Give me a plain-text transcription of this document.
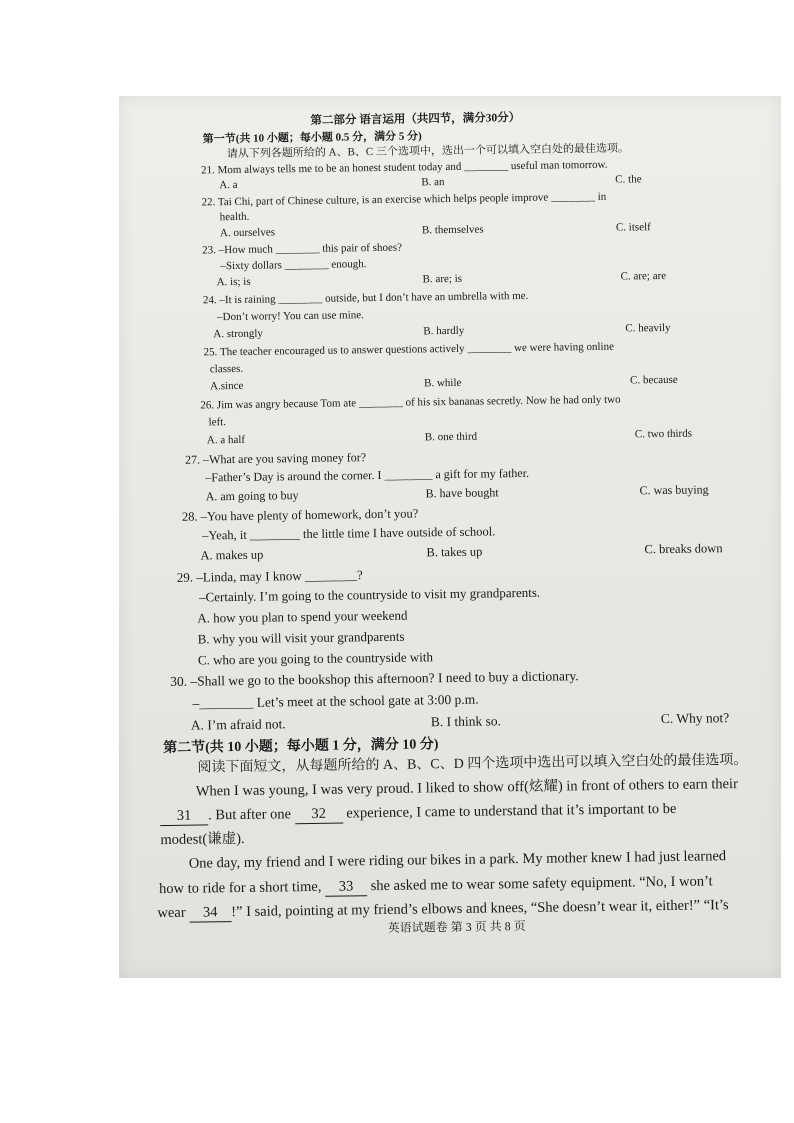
第二部分 语言运用（共四节，满分30分）
第一节(共 10 小题；每小题 0.5 分，满分 5 分)
请从下列各题所给的 A、B、C 三个选项中，选出一个可以填入空白处的最佳选项。
21. Mom always tells me to be an honest student today and ________ useful man tomorrow.
A. a	B. an	C. the
22. Tai Chi, part of Chinese culture, is an exercise which helps people improve ________ in
health.
A. ourselves	B. themselves	C. itself
23. –How much ________ this pair of shoes?
–Sixty dollars ________ enough.
A. is; is	B. are; is	C. are; are
24. –It is raining ________ outside, but I don’t have an umbrella with me.
–Don’t worry! You can use mine.
A. strongly	B. hardly	C. heavily
25. The teacher encouraged us to answer questions actively ________ we were having online
classes.
A.since	B. while	C. because
26. Jim was angry because Tom ate ________ of his six bananas secretly. Now he had only two
left.
A. a half	B. one third	C. two thirds
27. –What are you saving money for?
–Father’s Day is around the corner. I ________ a gift for my father.
A. am going to buy	B. have bought	C. was buying
28. –You have plenty of homework, don’t you?
–Yeah, it ________ the little time I have outside of school.
A. makes up	B. takes up	C. breaks down
29. –Linda, may I know ________?
–Certainly. I’m going to the countryside to visit my grandparents.
A. how you plan to spend your weekend
B. why you will visit your grandparents
C. who are you going to the countryside with
30. –Shall we go to the bookshop this afternoon? I need to buy a dictionary.
–________ Let’s meet at the school gate at 3:00 p.m.
A. I’m afraid not.	B. I think so.	C. Why not?
第二节(共 10 小题；每小题 1 分，满分 10 分)
阅读下面短文，从每题所给的 A、B、C、D 四个选项中选出可以填入空白处的最佳选项。
When I was young, I was very proud. I liked to show off(炫耀) in front of others to earn their
31 . But after one 32 experience, I came to understand that it’s important to be
modest(谦虚).
One day, my friend and I were riding our bikes in a park. My mother knew I had just learned
how to ride for a short time, 33 she asked me to wear some safety equipment. “No, I won’t
wear 34 !” I said, pointing at my friend’s elbows and knees, “She doesn’t wear it, either!” “It’s
英语试题卷 第 3 页 共 8 页
